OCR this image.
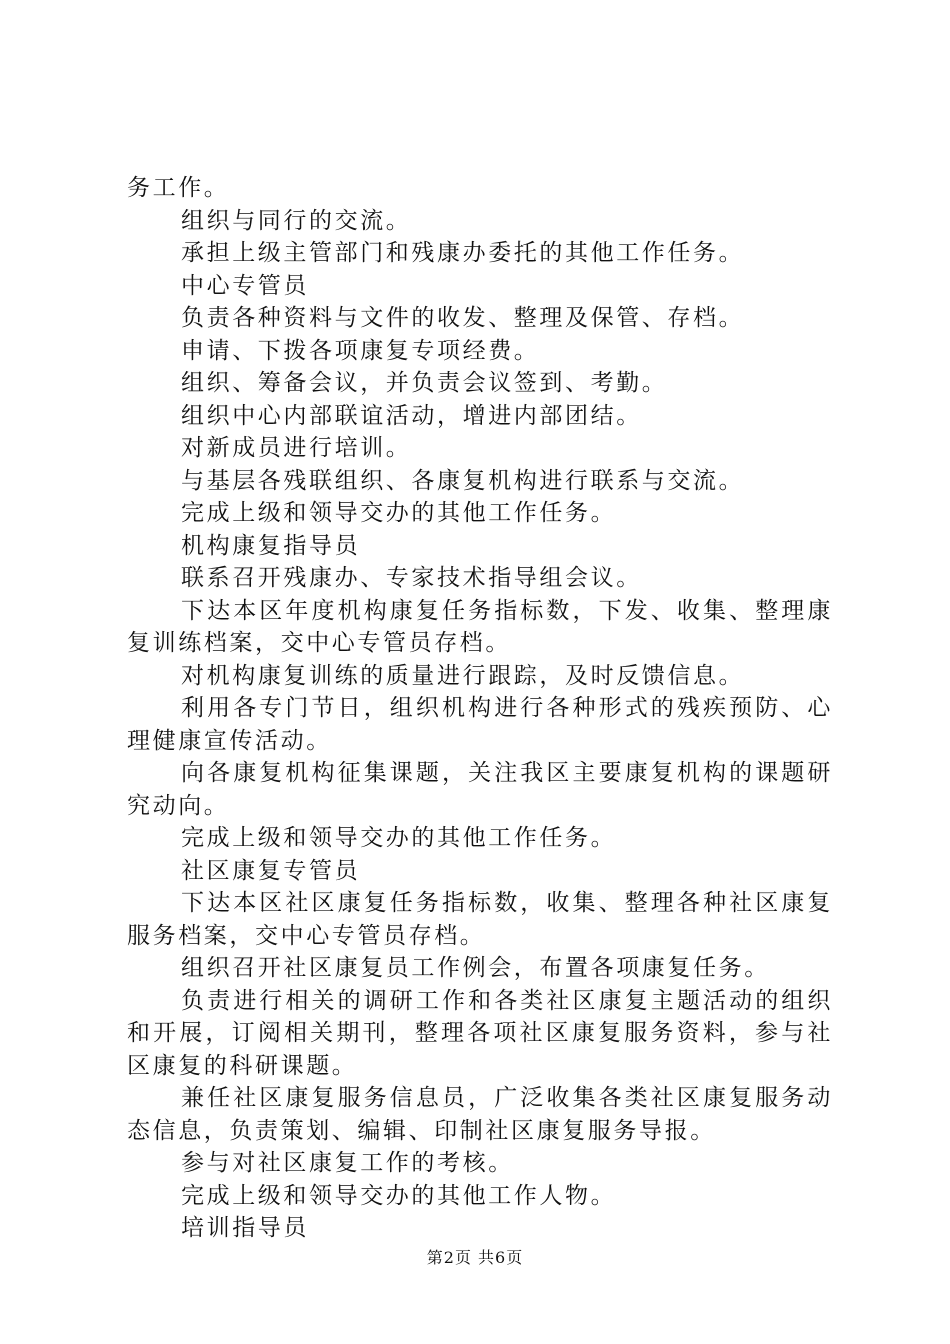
务工作。

组织与同行的交流。

承担上级主管部门和残康办委托的其他工作任务。

中心专管员

负责各种资料与文件的收发、整理及保管、存档。

申请、下拨各项康复专项经费。

组织、筹备会议，并负责会议签到、考勤。

组织中心内部联谊活动，增进内部团结。

对新成员进行培训。

与基层各残联组织、各康复机构进行联系与交流。

完成上级和领导交办的其他工作任务。

机构康复指导员

联系召开残康办、专家技术指导组会议。

下达本区年度机构康复任务指标数，下发、收集、整理康复训练档案，交中心专管员存档。

对机构康复训练的质量进行跟踪，及时反馈信息。

利用各专门节日，组织机构进行各种形式的残疾预防、心理健康宣传活动。

向各康复机构征集课题，关注我区主要康复机构的课题研究动向。

完成上级和领导交办的其他工作任务。

社区康复专管员

下达本区社区康复任务指标数，收集、整理各种社区康复服务档案，交中心专管员存档。

组织召开社区康复员工作例会，布置各项康复任务。

负责进行相关的调研工作和各类社区康复主题活动的组织和开展，订阅相关期刊，整理各项社区康复服务资料，参与社区康复的科研课题。

兼任社区康复服务信息员，广泛收集各类社区康复服务动态信息，负责策划、编辑、印制社区康复服务导报。

参与对社区康复工作的考核。

完成上级和领导交办的其他工作人物。

培训指导员

第2页 共6页
